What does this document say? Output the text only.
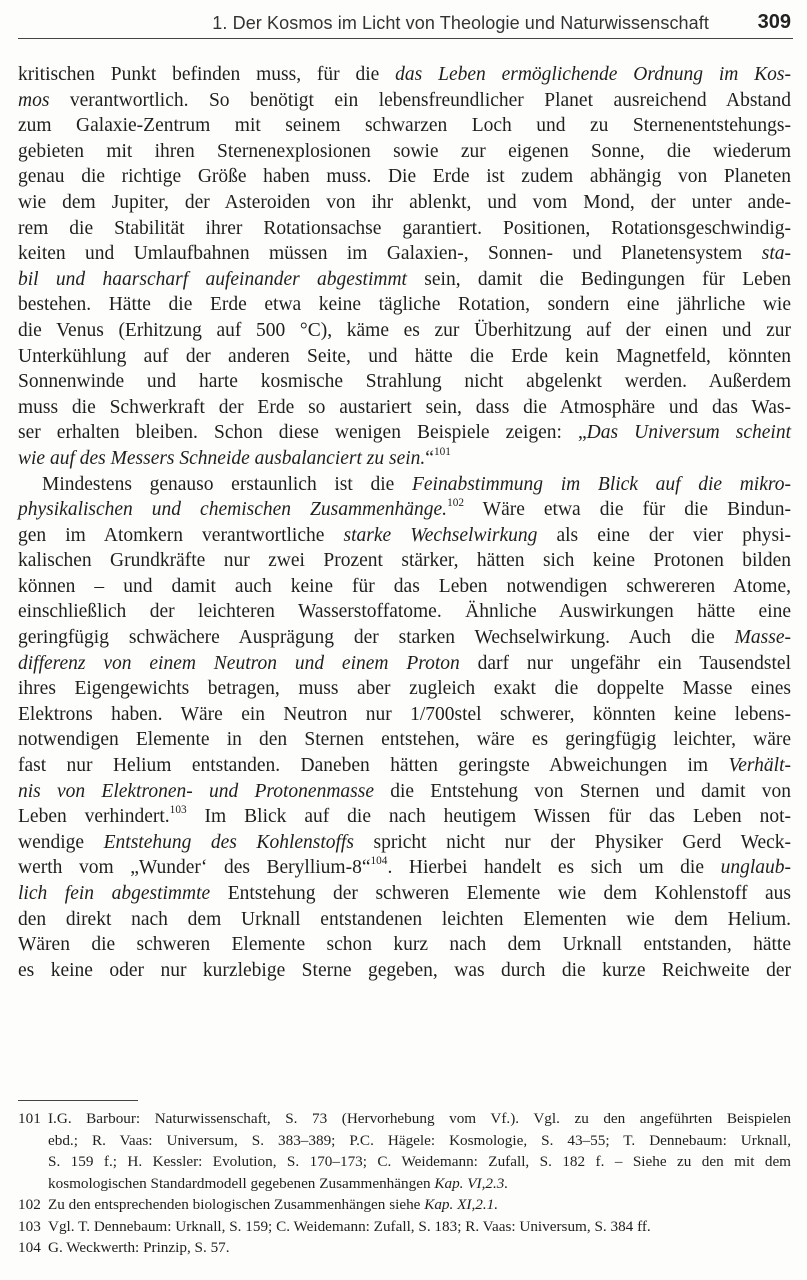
1. Der Kosmos im Licht von Theologie und Naturwissenschaft 309
kritischen Punkt befinden muss, für die das Leben ermöglichende Ordnung im Kos-
mos verantwortlich. So benötigt ein lebensfreundlicher Planet ausreichend Abstand
zum Galaxie-Zentrum mit seinem schwarzen Loch und zu Sternenentstehungs-
gebieten mit ihren Sternenexplosionen sowie zur eigenen Sonne, die wiederum
genau die richtige Größe haben muss. Die Erde ist zudem abhängig von Planeten
wie dem Jupiter, der Asteroiden von ihr ablenkt, und vom Mond, der unter ande-
rem die Stabilität ihrer Rotationsachse garantiert. Positionen, Rotationsgeschwindig-
keiten und Umlaufbahnen müssen im Galaxien-, Sonnen- und Planetensystem sta-
bil und haarscharf aufeinander abgestimmt sein, damit die Bedingungen für Leben
bestehen. Hätte die Erde etwa keine tägliche Rotation, sondern eine jährliche wie
die Venus (Erhitzung auf 500 °C), käme es zur Überhitzung auf der einen und zur
Unterkühlung auf der anderen Seite, und hätte die Erde kein Magnetfeld, könnten
Sonnenwinde und harte kosmische Strahlung nicht abgelenkt werden. Außerdem
muss die Schwerkraft der Erde so austariert sein, dass die Atmosphäre und das Was-
ser erhalten bleiben. Schon diese wenigen Beispiele zeigen: „Das Universum scheint
wie auf des Messers Schneide ausbalanciert zu sein.“$^{101}$
Mindestens genauso erstaunlich ist die Feinabstimmung im Blick auf die mikro-
physikalischen und chemischen Zusammenhänge.$^{102}$ Wäre etwa die für die Bindun-
gen im Atomkern verantwortliche starke Wechselwirkung als eine der vier physi-
kalischen Grundkräfte nur zwei Prozent stärker, hätten sich keine Protonen bilden
können – und damit auch keine für das Leben notwendigen schwereren Atome,
einschließlich der leichteren Wasserstoffatome. Ähnliche Auswirkungen hätte eine
geringfügig schwächere Ausprägung der starken Wechselwirkung. Auch die Masse-
differenz von einem Neutron und einem Proton darf nur ungefähr ein Tausendstel
ihres Eigengewichts betragen, muss aber zugleich exakt die doppelte Masse eines
Elektrons haben. Wäre ein Neutron nur 1/700stel schwerer, könnten keine lebens-
notwendigen Elemente in den Sternen entstehen, wäre es geringfügig leichter, wäre
fast nur Helium entstanden. Daneben hätten geringste Abweichungen im Verhält-
nis von Elektronen- und Protonenmasse die Entstehung von Sternen und damit von
Leben verhindert.$^{103}$ Im Blick auf die nach heutigem Wissen für das Leben not-
wendige Entstehung des Kohlenstoffs spricht nicht nur der Physiker Gerd Weck-
werth vom „Wunder‘ des Beryllium-8“$^{104}$. Hierbei handelt es sich um die unglaub-
lich fein abgestimmte Entstehung der schweren Elemente wie dem Kohlenstoff aus
den direkt nach dem Urknall entstandenen leichten Elementen wie dem Helium.
Wären die schweren Elemente schon kurz nach dem Urknall entstanden, hätte
es keine oder nur kurzlebige Sterne gegeben, was durch die kurze Reichweite der
101 I.G. Barbour: Naturwissenschaft, S. 73 (Hervorhebung vom Vf.). Vgl. zu den angeführten Beispielen
ebd.; R. Vaas: Universum, S. 383–389; P.C. Hägele: Kosmologie, S. 43–55; T. Dennebaum: Urknall,
S. 159 f.; H. Kessler: Evolution, S. 170–173; C. Weidemann: Zufall, S. 182 f. – Siehe zu den mit dem
kosmologischen Standardmodell gegebenen Zusammenhängen Kap. VI,2.3.
102 Zu den entsprechenden biologischen Zusammenhängen siehe Kap. XI,2.1.
103 Vgl. T. Dennebaum: Urknall, S. 159; C. Weidemann: Zufall, S. 183; R. Vaas: Universum, S. 384 ff.
104 G. Weckwerth: Prinzip, S. 57.
